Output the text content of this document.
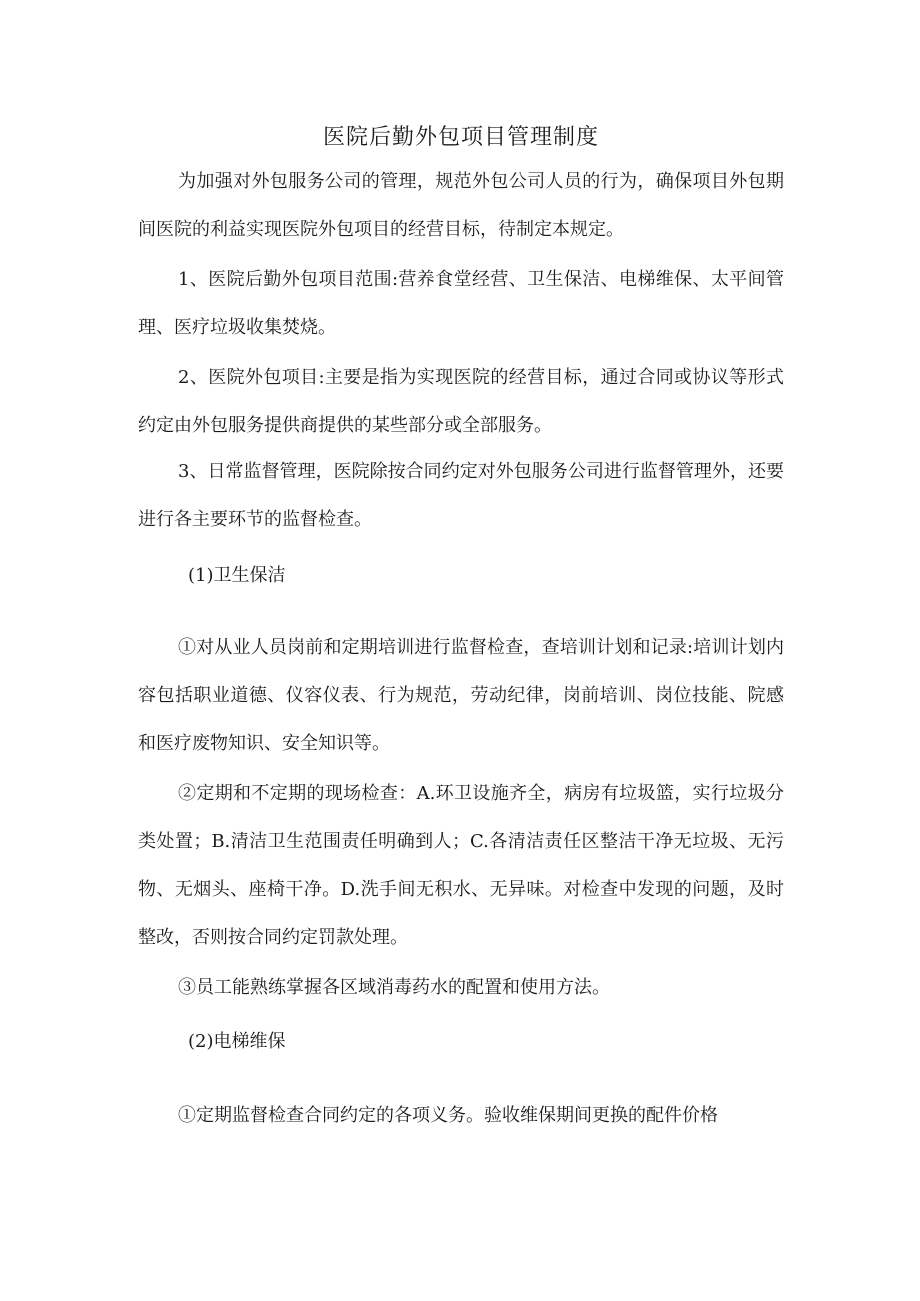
医院后勤外包项目管理制度
为加强对外包服务公司的管理，规范外包公司人员的行为，确保项目外包期间医院的利益实现医院外包项目的经营目标，待制定本规定。
1、医院后勤外包项目范围:营养食堂经营、卫生保洁、电梯维保、太平间管理、医疗垃圾收集焚烧。
2、医院外包项目:主要是指为实现医院的经营目标，通过合同或协议等形式约定由外包服务提供商提供的某些部分或全部服务。
3、日常监督管理，医院除按合同约定对外包服务公司进行监督管理外，还要进行各主要环节的监督检查。
(1)卫生保洁
①对从业人员岗前和定期培训进行监督检查，查培训计划和记录:培训计划内容包括职业道德、仪容仪表、行为规范，劳动纪律，岗前培训、岗位技能、院感和医疗废物知识、安全知识等。
②定期和不定期的现场检查：A.环卫设施齐全，病房有垃圾篮，实行垃圾分类处置；B.清洁卫生范围责任明确到人；C.各清洁责任区整洁干净无垃圾、无污物、无烟头、座椅干净。D.洗手间无积水、无异味。对检查中发现的问题，及时整改，否则按合同约定罚款处理。
③员工能熟练掌握各区域消毒药水的配置和使用方法。
(2)电梯维保
①定期监督检查合同约定的各项义务。验收维保期间更换的配件价格
